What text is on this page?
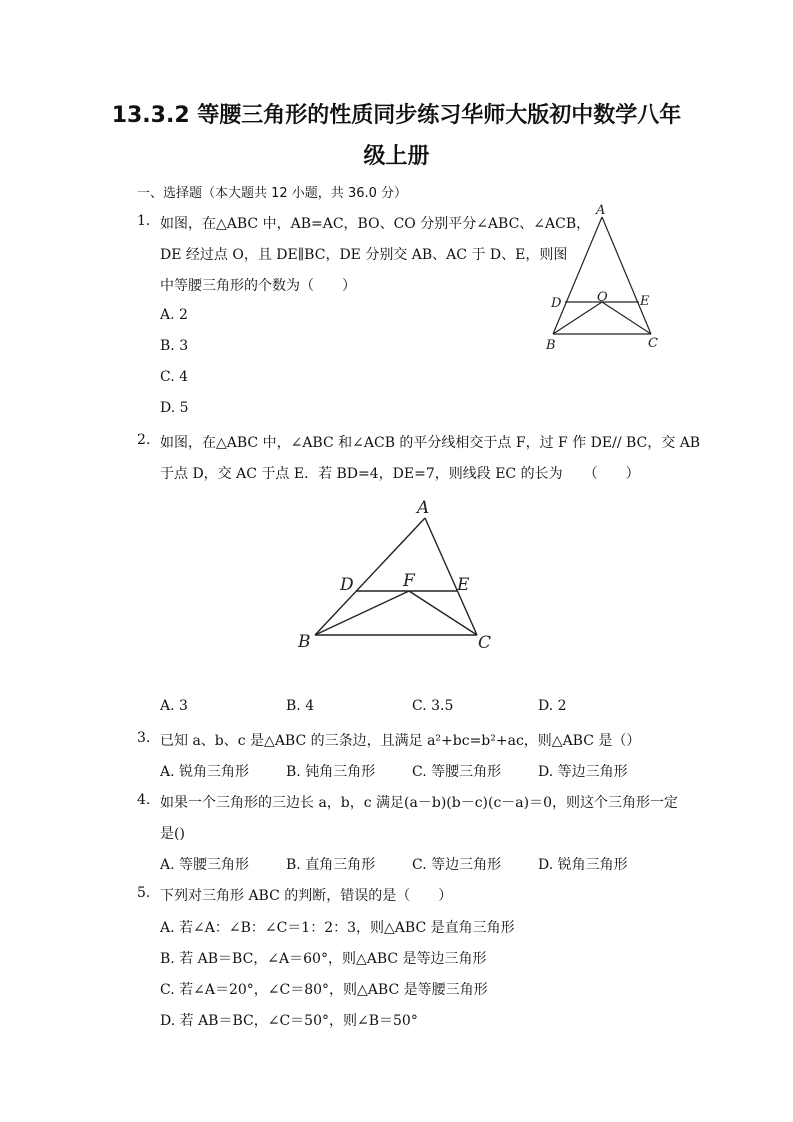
13.3.2 等腰三角形的性质同步练习华师大版初中数学八年
级上册
一、选择题（本大题共 12 小题，共 36.0 分）
1. 如图，在△ABC 中，AB=AC，BO、CO 分别平分∠ABC、∠ACB，
DE 经过点 O，且 DE∥BC，DE 分别交 AB、AC 于 D、E，则图
中等腰三角形的个数为（　　）
A. 2
B. 3
C. 4
D. 5
A
B	C
D	E
O
2. 如图，在△ABC 中，∠ABC 和∠ACB 的平分线相交于点 F，过 F 作 DE// BC，交 AB
于点 D，交 AC 于点 E．若 BD=4，DE=7，则线段 EC 的长为　　（　　）
A
B	C
D	E
F
A. 3	B. 4	C. 3.5	D. 2
3. 已知 a、b、c 是△ABC 的三条边，且满足 a²+bc=b²+ac，则△ABC 是（）
A. 锐角三角形	B. 钝角三角形	C. 等腰三角形	D. 等边三角形
4. 如果一个三角形的三边长 a，b，c 满足(a－b)(b－c)(c－a)＝0，则这个三角形一定
是()
A. 等腰三角形	B. 直角三角形	C. 等边三角形	D. 锐角三角形
5. 下列对三角形 ABC 的判断，错误的是（　　）
A. 若∠A：∠B：∠C＝1：2：3，则△ABC 是直角三角形
B. 若 AB＝BC，∠A＝60°，则△ABC 是等边三角形
C. 若∠A＝20°，∠C＝80°，则△ABC 是等腰三角形
D. 若 AB＝BC，∠C＝50°，则∠B＝50°
